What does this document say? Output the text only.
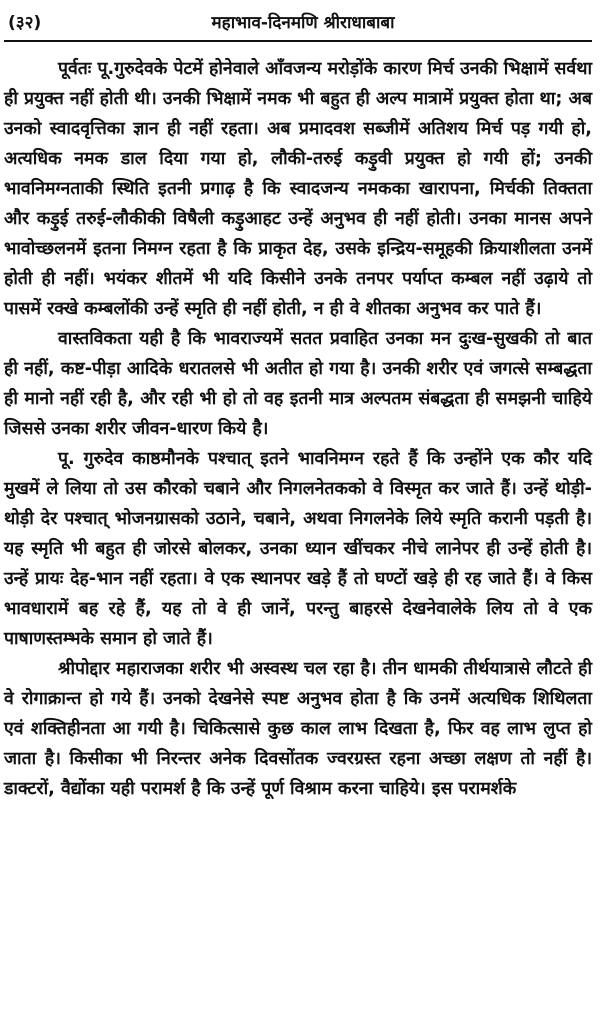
(३२)	महाभाव-दिनमणि श्रीराधाबाबा

पूर्वतः पू.गुरुदेवके पेटमें होनेवाले आँवजन्य मरोड़ोंके कारण मिर्च उनकी भिक्षामें सर्वथा ही प्रयुक्त नहीं होती थी। उनकी भिक्षामें नमक भी बहुत ही अल्प मात्रामें प्रयुक्त होता था; अब उनको स्वादवृत्तिका ज्ञान ही नहीं रहता। अब प्रमादवश सब्जीमें अतिशय मिर्च पड़ गयी हो, अत्यधिक नमक डाल दिया गया हो, लौकी-तरुई कड़ुवी प्रयुक्त हो गयी हों; उनकी भावनिमग्नताकी स्थिति इतनी प्रगाढ़ है कि स्वादजन्य नमकका खारापना, मिर्चकी तिक्तता और कड़ुई तरुई-लौकीकी विषैली कड़ुआहट उन्हें अनुभव ही नहीं होती। उनका मानस अपने भावोच्छलनमें इतना निमग्न रहता है कि प्राकृत देह, उसके इन्द्रिय-समूहकी क्रियाशीलता उनमें होती ही नहीं। भयंकर शीतमें भी यदि किसीने उनके तनपर पर्याप्त कम्बल नहीं उढ़ाये तो पासमें रक्खे कम्बलोंकी उन्हें स्मृति ही नहीं होती, न ही वे शीतका अनुभव कर पाते हैं।

वास्तविकता यही है कि भावराज्यमें सतत प्रवाहित उनका मन दुःख-सुखकी तो बात ही नहीं, कष्ट-पीड़ा आदिके धरातलसे भी अतीत हो गया है। उनकी शरीर एवं जगत्से सम्बद्धता ही मानो नहीं रही है, और रही भी हो तो वह इतनी मात्र अल्पतम संबद्धता ही समझनी चाहिये जिससे उनका शरीर जीवन-धारण किये है।

पू. गुरुदेव काष्ठमौनके पश्चात् इतने भावनिमग्न रहते हैं कि उन्होंने एक कौर यदि मुखमें ले लिया तो उस कौरको चबाने और निगलनेतकको वे विस्मृत कर जाते हैं। उन्हें थोड़ी-थोड़ी देर पश्चात् भोजनग्रासको उठाने, चबाने, अथवा निगलनेके लिये स्मृति करानी पड़ती है। यह स्मृति भी बहुत ही जोरसे बोलकर, उनका ध्यान खींचकर नीचे लानेपर ही उन्हें होती है। उन्हें प्रायः देह-भान नहीं रहता। वे एक स्थानपर खड़े हैं तो घण्टों खड़े ही रह जाते हैं। वे किस भावधारामें बह रहे हैं, यह तो वे ही जानें, परन्तु बाहरसे देखनेवालेके लिय तो वे एक पाषाणस्तम्भके समान हो जाते हैं।

श्रीपोद्दार महाराजका शरीर भी अस्वस्थ चल रहा है। तीन धामकी तीर्थयात्रासे लौटते ही वे रोगाक्रान्त हो गये हैं। उनको देखनेसे स्पष्ट अनुभव होता है कि उनमें अत्यधिक शिथिलता एवं शक्तिहीनता आ गयी है। चिकित्सासे कुछ काल लाभ दिखता है, फिर वह लाभ लुप्त हो जाता है। किसीका भी निरन्तर अनेक दिवसोंतक ज्वरग्रस्त रहना अच्छा लक्षण तो नहीं है। डाक्टरों, वैद्योंका यही परामर्श है कि उन्हें पूर्ण विश्राम करना चाहिये। इस परामर्शके
